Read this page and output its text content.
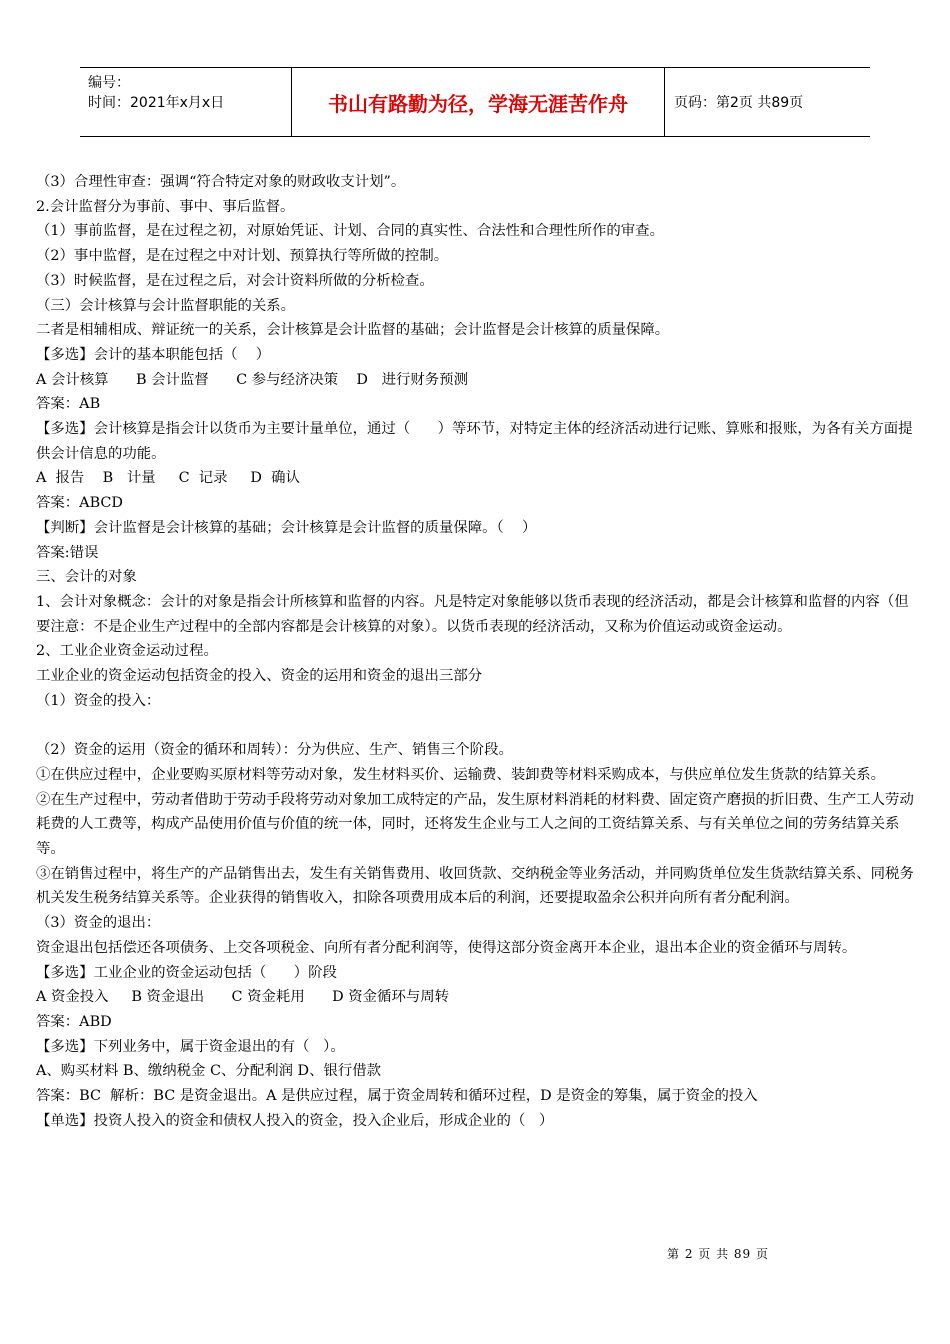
编号：
时间：2021年x月x日	书山有路勤为径，学海无涯苦作舟	页码：第2页 共89页

（3）合理性审查：强调“符合特定对象的财政收支计划”。

2.会计监督分为事前、事中、事后监督。

（1）事前监督，是在过程之初，对原始凭证、计划、合同的真实性、合法性和合理性所作的审查。

（2）事中监督，是在过程之中对计划、预算执行等所做的控制。

（3）时候监督，是在过程之后，对会计资料所做的分析检查。

（三）会计核算与会计监督职能的关系。

二者是相辅相成、辩证统一的关系，会计核算是会计监督的基础；会计监督是会计核算的质量保障。

【多选】会计的基本职能包括（    ）

A 会计核算      B 会计监督      C 参与经济决策    D   进行财务预测

答案：AB

【多选】会计核算是指会计以货币为主要计量单位，通过（      ）等环节，对特定主体的经济活动进行记账、算账和报账，为各有关方面提供会计信息的功能。

A  报告    B   计量     C  记录     D  确认

答案：ABCD

【判断】会计监督是会计核算的基础；会计核算是会计监督的质量保障。（    ）

答案:错误

三、会计的对象

1、会计对象概念：会计的对象是指会计所核算和监督的内容。凡是特定对象能够以货币表现的经济活动，都是会计核算和监督的内容（但要注意：不是企业生产过程中的全部内容都是会计核算的对象）。以货币表现的经济活动，又称为价值运动或资金运动。

2、工业企业资金运动过程。

工业企业的资金运动包括资金的投入、资金的运用和资金的退出三部分

（1）资金的投入：

（2）资金的运用（资金的循环和周转）：分为供应、生产、销售三个阶段。

①在供应过程中，企业要购买原材料等劳动对象，发生材料买价、运输费、装卸费等材料采购成本，与供应单位发生货款的结算关系。

②在生产过程中，劳动者借助于劳动手段将劳动对象加工成特定的产品，发生原材料消耗的材料费、固定资产磨损的折旧费、生产工人劳动耗费的人工费等，构成产品使用价值与价值的统一体，同时，还将发生企业与工人之间的工资结算关系、与有关单位之间的劳务结算关系等。

③在销售过程中，将生产的产品销售出去，发生有关销售费用、收回货款、交纳税金等业务活动，并同购货单位发生货款结算关系、同税务机关发生税务结算关系等。企业获得的销售收入，扣除各项费用成本后的利润，还要提取盈余公积并向所有者分配利润。

（3）资金的退出：

资金退出包括偿还各项债务、上交各项税金、向所有者分配利润等，使得这部分资金离开本企业，退出本企业的资金循环与周转。

【多选】工业企业的资金运动包括（      ）阶段

A 资金投入     B 资金退出      C 资金耗用      D 资金循环与周转

答案：ABD

【多选】下列业务中，属于资金退出的有（   ）。

A、购买材料 B、缴纳税金 C、分配利润 D、银行借款

答案：BC  解析：BC 是资金退出。A 是供应过程，属于资金周转和循环过程，D 是资金的筹集，属于资金的投入

【单选】投资人投入的资金和债权人投入的资金，投入企业后，形成企业的（   ）

第 2 页 共 89 页
